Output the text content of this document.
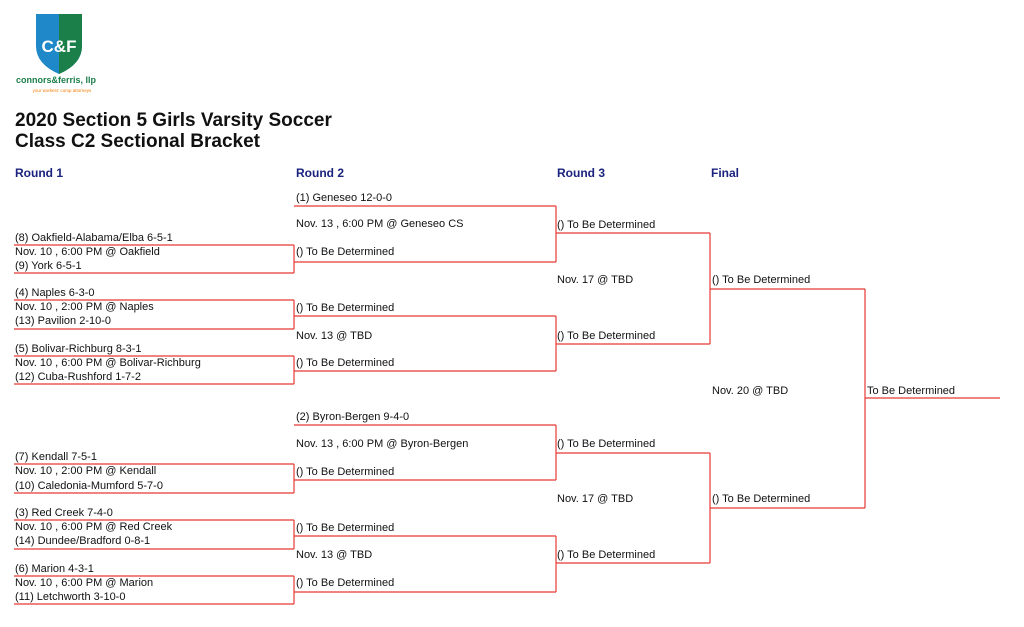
C&F
connors&ferris, llp
your workers' comp attorneys
2020 Section 5 Girls Varsity Soccer
Class C2 Sectional Bracket
Round 1	Round 2	Round 3	Final
(8) Oakfield-Alabama/Elba 6-5-1
Nov. 10 , 6:00 PM @ Oakfield
(9) York 6-5-1
(4) Naples 6-3-0
Nov. 10 , 2:00 PM @ Naples
(13) Pavilion 2-10-0
(5) Bolivar-Richburg 8-3-1
Nov. 10 , 6:00 PM @ Bolivar-Richburg
(12) Cuba-Rushford 1-7-2
(7) Kendall 7-5-1
Nov. 10 , 2:00 PM @ Kendall
(10) Caledonia-Mumford 5-7-0
(3) Red Creek 7-4-0
Nov. 10 , 6:00 PM @ Red Creek
(14) Dundee/Bradford 0-8-1
(6) Marion 4-3-1
Nov. 10 , 6:00 PM @ Marion
(11) Letchworth 3-10-0
(1) Geneseo 12-0-0
Nov. 13 , 6:00 PM @ Geneseo CS
() To Be Determined
() To Be Determined
Nov. 13 @ TBD
() To Be Determined
(2) Byron-Bergen 9-4-0
Nov. 13 , 6:00 PM @ Byron-Bergen
() To Be Determined
() To Be Determined
Nov. 13 @ TBD
() To Be Determined
() To Be Determined
Nov. 17 @ TBD
() To Be Determined
() To Be Determined
Nov. 17 @ TBD
() To Be Determined
() To Be Determined
Nov. 20 @ TBD
() To Be Determined
To Be Determined
